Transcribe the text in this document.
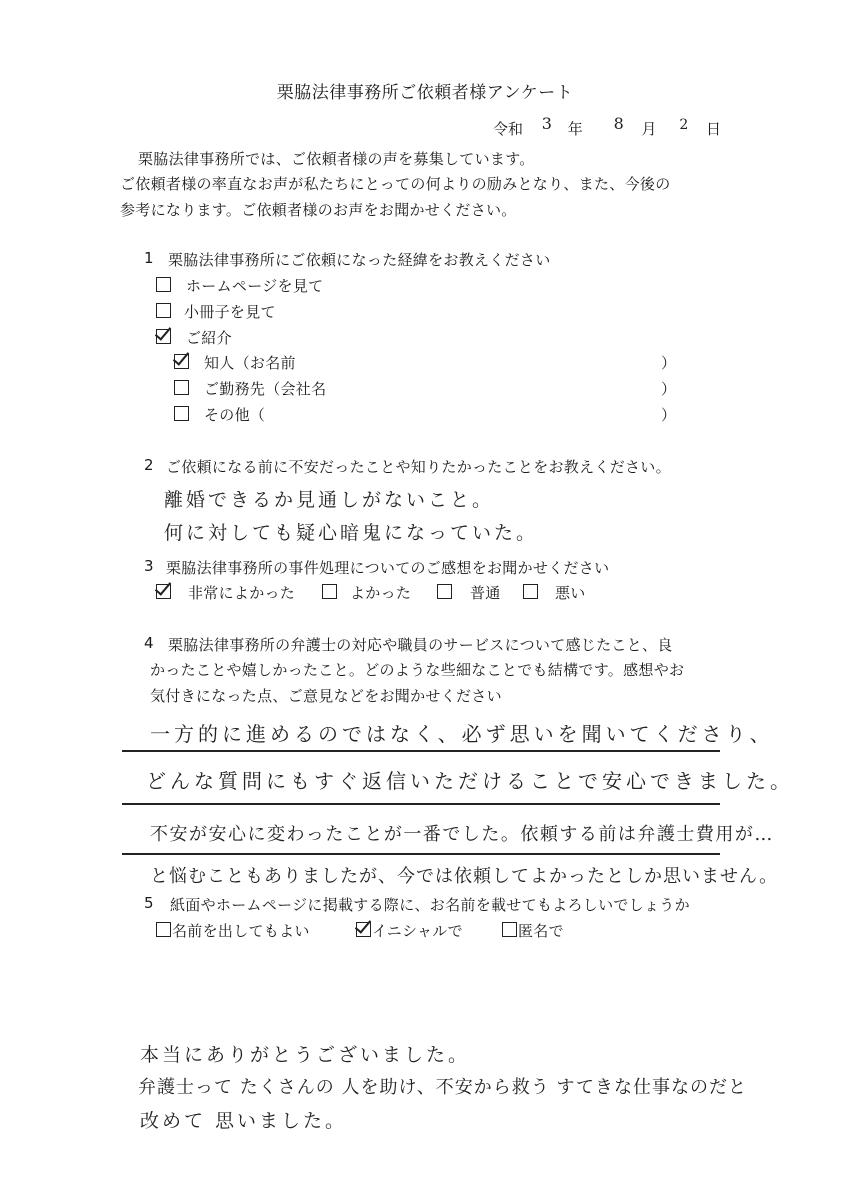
栗脇法律事務所ご依頼者様アンケート
令和 3 年 8 月 2 日
栗脇法律事務所では、ご依頼者様の声を募集しています。
ご依頼者様の率直なお声が私たちにとっての何よりの励みとなり、また、今後の
参考になります。ご依頼者様のお声をお聞かせください。
1 栗脇法律事務所にご依頼になった経緯をお教えください
ホームページを見て
小冊子を見て
ご紹介
知人（お名前	）
ご勤務先（会社名	）
その他（	）
2 ご依頼になる前に不安だったことや知りたかったことをお教えください。
離婚できるか見通しがないこと。
何に対しても疑心暗鬼になっていた。
3 栗脇法律事務所の事件処理についてのご感想をお聞かせください
非常によかった	よかった	普通	悪い
4 栗脇法律事務所の弁護士の対応や職員のサービスについて感じたこと、良
かったことや嬉しかったこと。どのような些細なことでも結構です。感想やお
気付きになった点、ご意見などをお聞かせください
一方的に進めるのではなく、必ず思いを聞いてくださり、
どんな質問にもすぐ返信いただけることで安心できました。
不安が安心に変わったことが一番でした。依頼する前は弁護士費用が…
と悩むこともありましたが、今では依頼してよかったとしか思いません。
5 紙面やホームページに掲載する際に、お名前を載せてもよろしいでしょうか
名前を出してもよい	イニシャルで	匿名で
本当にありがとうございました。
弁護士って たくさんの 人を助け、不安から救う すてきな仕事なのだと
改めて 思いました。
